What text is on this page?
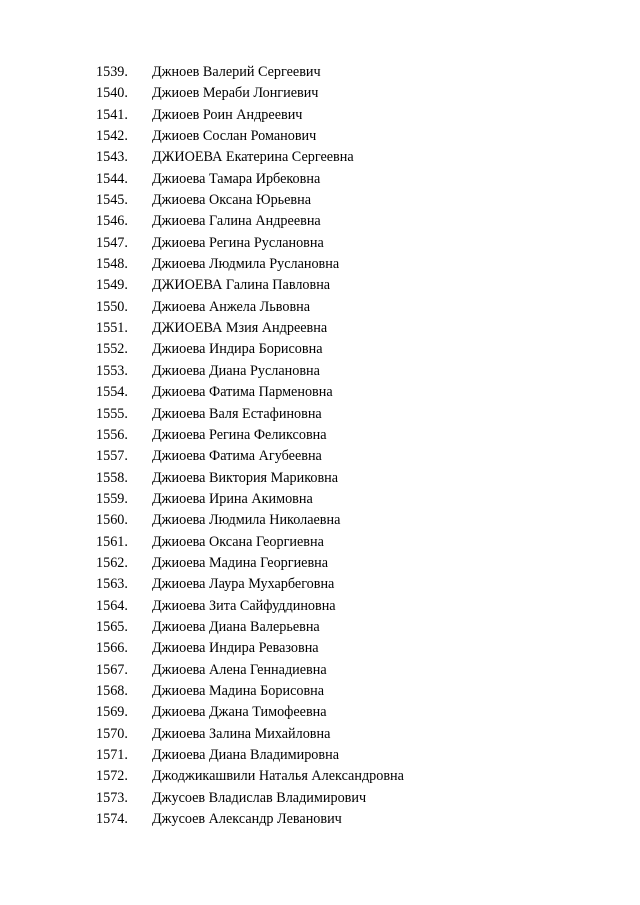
1539.	Джноев Валерий Сергеевич
1540.	Джиоев Мераби Лонгиевич
1541.	Джиоев Роин Андреевич
1542.	Джиоев Сослан Романович
1543.	ДЖИОЕВА Екатерина Сергеевна
1544.	Джиоева Тамара Ирбековна
1545.	Джиоева Оксана Юрьевна
1546.	Джиоева Галина Андреевна
1547.	Джиоева Регина Руслановна
1548.	Джиоева Людмила Руслановна
1549.	ДЖИОЕВА Галина Павловна
1550.	Джиоева Анжела Львовна
1551.	ДЖИОЕВА Мзия Андреевна
1552.	Джиоева Индира Борисовна
1553.	Джиоева Диана Руслановна
1554.	Джиоева Фатима Парменовна
1555.	Джиоева Валя Естафиновна
1556.	Джиоева Регина Феликсовна
1557.	Джиоева Фатима Агубеевна
1558.	Джиоева Виктория Мариковна
1559.	Джиоева Ирина Акимовна
1560.	Джиоева Людмила Николаевна
1561.	Джиоева Оксана Георгиевна
1562.	Джиоева Мадина Георгиевна
1563.	Джиоева Лаура Мухарбеговна
1564.	Джиоева Зита Сайфуддиновна
1565.	Джиоева Диана Валерьевна
1566.	Джиоева Индира Ревазовна
1567.	Джиоева Алена Геннадиевна
1568.	Джиоева Мадина Борисовна
1569.	Джиоева Джана Тимофеевна
1570.	Джиоева Залина Михайловна
1571.	Джиоева Диана Владимировна
1572.	Джоджикашвили Наталья Александровна
1573.	Джусоев Владислав Владимирович
1574.	Джусоев Александр Леванович
